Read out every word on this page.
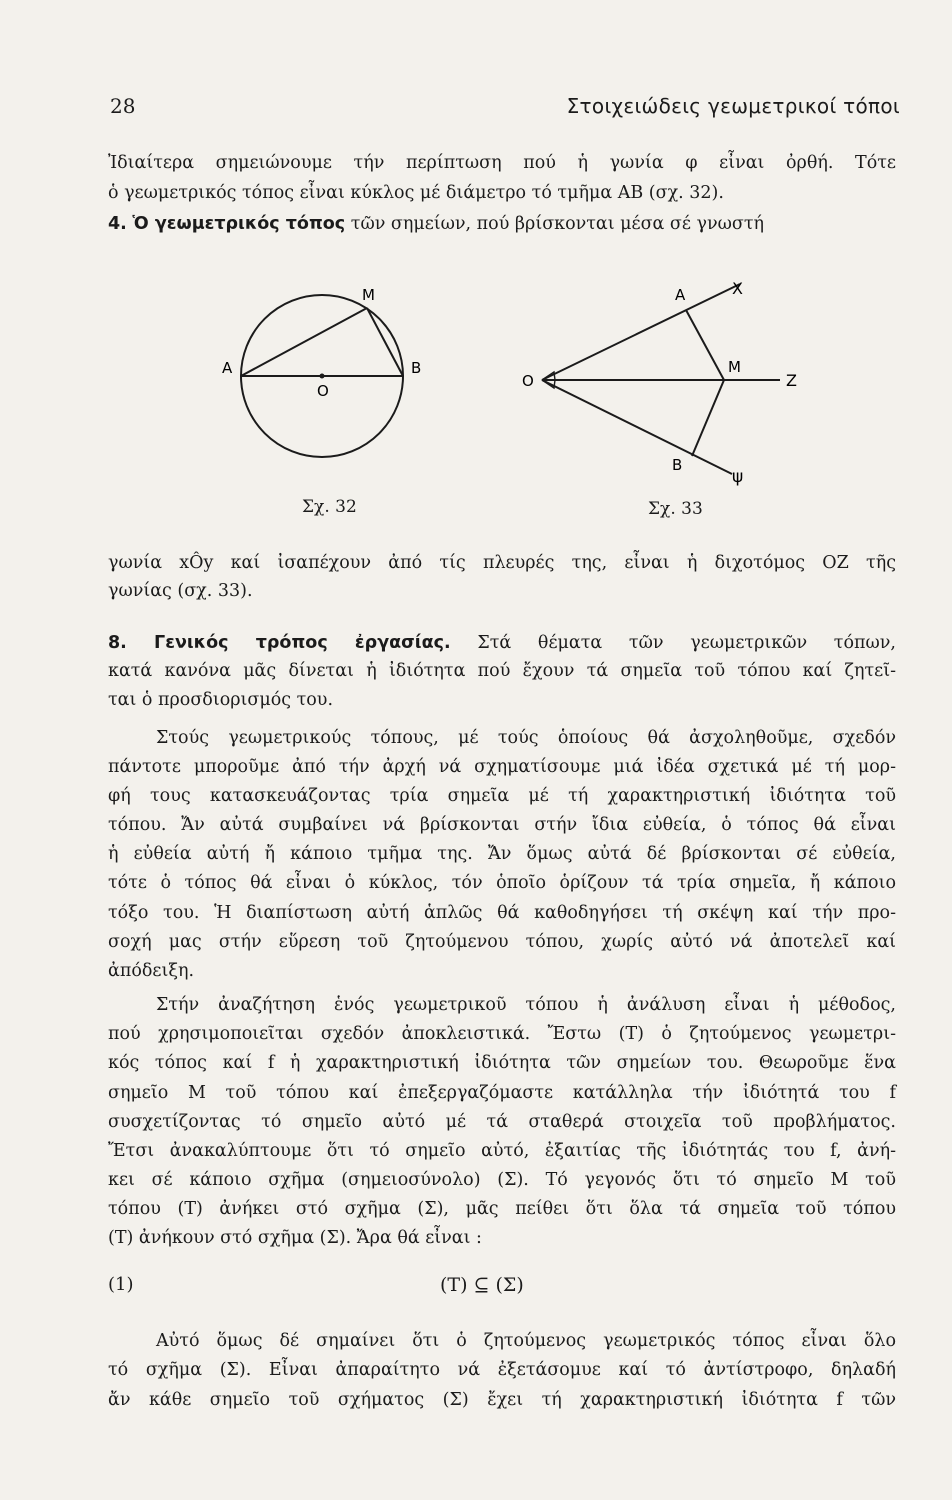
28	Στοιχειώδεις γεωμετρικοί τόποι
Ἰδιαίτερα σημειώνουμε τήν περίπτωση πού ἡ γωνία φ εἶναι ὀρθή. Τότε
ὁ γεωμετρικός τόπος εἶναι κύκλος μέ διάμετρο τό τμῆμα AB (σχ. 32).
4. Ὁ γεωμετρικός τόπος τῶν σημείων, πού βρίσκονται μέσα σέ γνωστή
M
A	B
O
Σχ. 32
A	X
O
M
Z
B
ψ
Σχ. 33
γωνία xÔy καί ἰσαπέχουν ἀπό τίς πλευρές της, εἶναι ἡ διχοτόμος OZ τῆς
γωνίας (σχ. 33).
8. Γενικός τρόπος ἐργασίας. Στά θέματα τῶν γεωμετρικῶν τόπων,
κατά κανόνα μᾶς δίνεται ἡ ἰδιότητα πού ἔχουν τά σημεῖα τοῦ τόπου καί ζητεῖ-
ται ὁ προσδιορισμός του.
Στούς γεωμετρικούς τόπους, μέ τούς ὁποίους θά ἀσχοληθοῦμε, σχεδόν
πάντοτε μποροῦμε ἀπό τήν ἀρχή νά σχηματίσουμε μιά ἰδέα σχετικά μέ τή μορ-
φή τους κατασκευάζοντας τρία σημεῖα μέ τή χαρακτηριστική ἰδιότητα τοῦ
τόπου. Ἄν αὐτά συμβαίνει νά βρίσκονται στήν ἴδια εὐθεία, ὁ τόπος θά εἶναι
ἡ εὐθεία αὐτή ἤ κάποιο τμῆμα της. Ἄν ὅμως αὐτά δέ βρίσκονται σέ εὐθεία,
τότε ὁ τόπος θά εἶναι ὁ κύκλος, τόν ὁποῖο ὁρίζουν τά τρία σημεῖα, ἤ κάποιο
τόξο του. Ἡ διαπίστωση αὐτή ἁπλῶς θά καθοδηγήσει τή σκέψη καί τήν προ-
σοχή μας στήν εὕρεση τοῦ ζητούμενου τόπου, χωρίς αὐτό νά ἀποτελεῖ καί
ἀπόδειξη.
Στήν ἀναζήτηση ἑνός γεωμετρικοῦ τόπου ἡ ἀνάλυση εἶναι ἡ μέθοδος,
πού χρησιμοποιεῖται σχεδόν ἀποκλειστικά. Ἔστω (T) ὁ ζητούμενος γεωμετρι-
κός τόπος καί f ἡ χαρακτηριστική ἰδιότητα τῶν σημείων του. Θεωροῦμε ἕνα
σημεῖο M τοῦ τόπου καί ἐπεξεργαζόμαστε κατάλληλα τήν ἰδιότητά του f
συσχετίζοντας τό σημεῖο αὐτό μέ τά σταθερά στοιχεῖα τοῦ προβλήματος.
Ἔτσι ἀνακαλύπτουμε ὅτι τό σημεῖο αὐτό, ἐξαιτίας τῆς ἰδιότητάς του f, ἀνή-
κει σέ κάποιο σχῆμα (σημειοσύνολο) (Σ). Τό γεγονός ὅτι τό σημεῖο M τοῦ
τόπου (T) ἀνήκει στό σχῆμα (Σ), μᾶς πείθει ὅτι ὅλα τά σημεῖα τοῦ τόπου
(T) ἀνήκουν στό σχῆμα (Σ). Ἄρα θά εἶναι :
(1)	(T) ⊆ (Σ)
Αὐτό ὅμως δέ σημαίνει ὅτι ὁ ζητούμενος γεωμετρικός τόπος εἶναι ὅλο
τό σχῆμα (Σ). Εἶναι ἀπαραίτητο νά ἐξετάσομυε καί τό ἀντίστροφο, δηλαδή
ἄν κάθε σημεῖο τοῦ σχήματος (Σ) ἔχει τή χαρακτηριστική ἰδιότητα f τῶν
